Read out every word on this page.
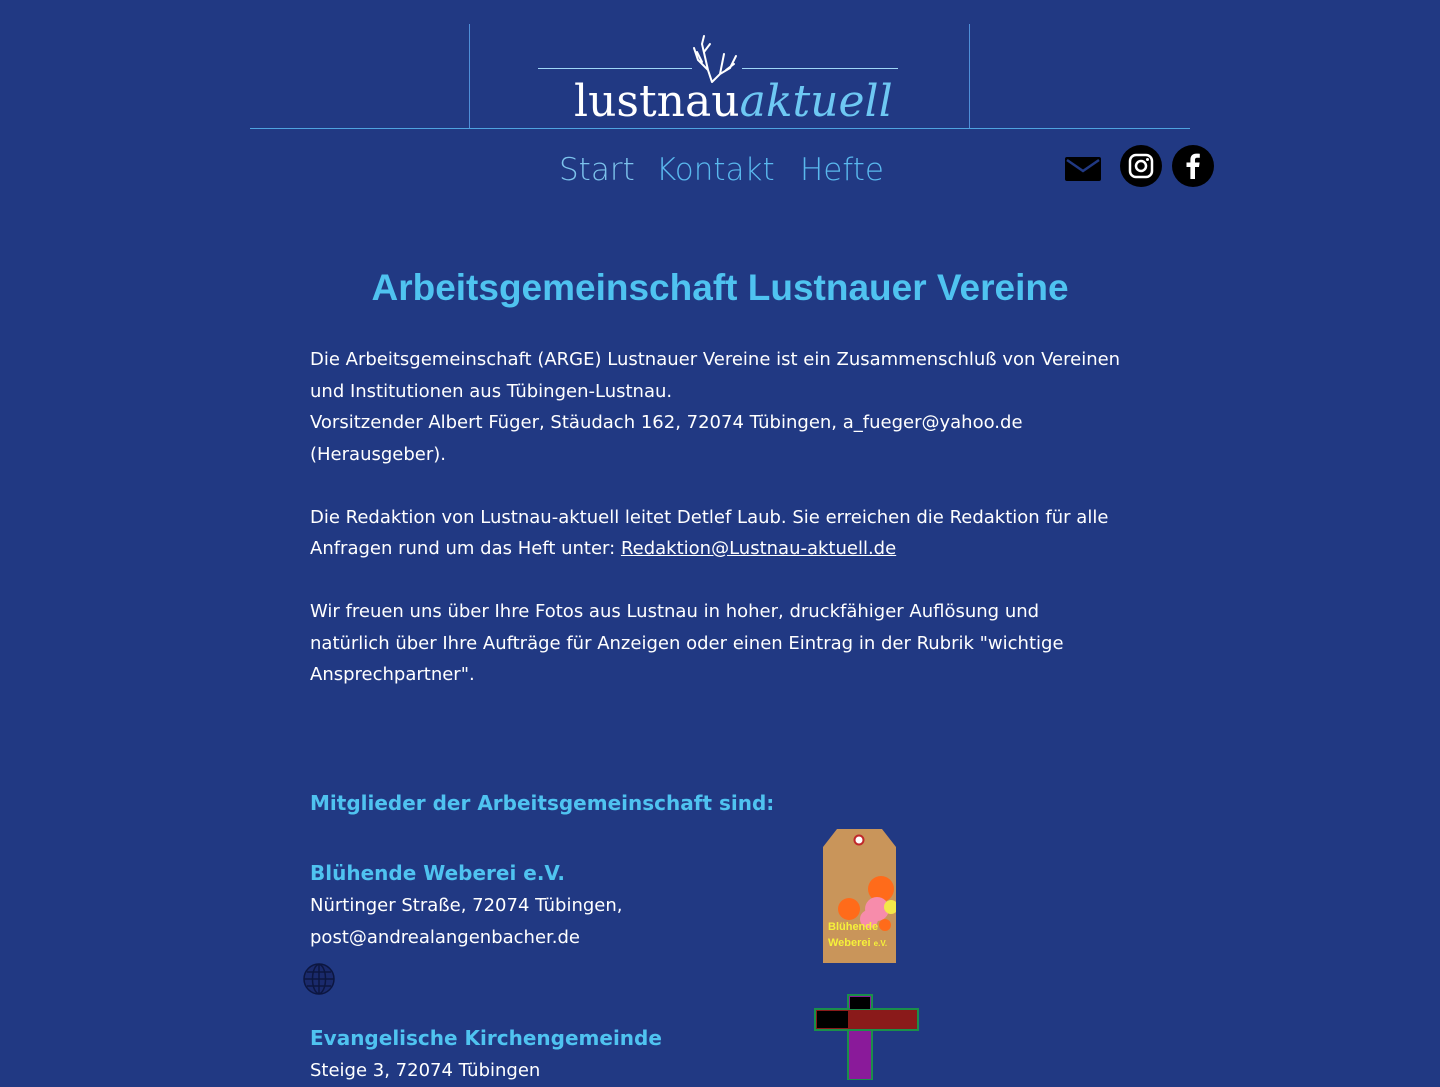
lustnauaktuell
Start Kontakt Hefte
Arbeitsgemeinschaft Lustnauer Vereine

Die Arbeitsgemeinschaft (ARGE) Lustnauer Vereine ist ein Zusammenschluß von Vereinen

und Institutionen aus Tübingen-Lustnau.

Vorsitzender Albert Füger, Stäudach 162, 72074 Tübingen, a_fueger@yahoo.de

(Herausgeber).

Die Redaktion von Lustnau-aktuell leitet Detlef Laub. Sie erreichen die Redaktion für alle

Anfragen rund um das Heft unter: Redaktion@Lustnau-aktuell.de

Wir freuen uns über Ihre Fotos aus Lustnau in hoher, druckfähiger Auflösung und

natürlich über Ihre Aufträge für Anzeigen oder einen Eintrag in der Rubrik "wichtige

Ansprechpartner".

Mitglieder der Arbeitsgemeinschaft sind:
Blühende Weberei e.V.

Nürtinger Straße, 72074 Tübingen,

post@andrealangenbacher.de	Blühende
Weberei e.V.
Evangelische Kirchengemeinde

Steige 3, 72074 Tübingen
